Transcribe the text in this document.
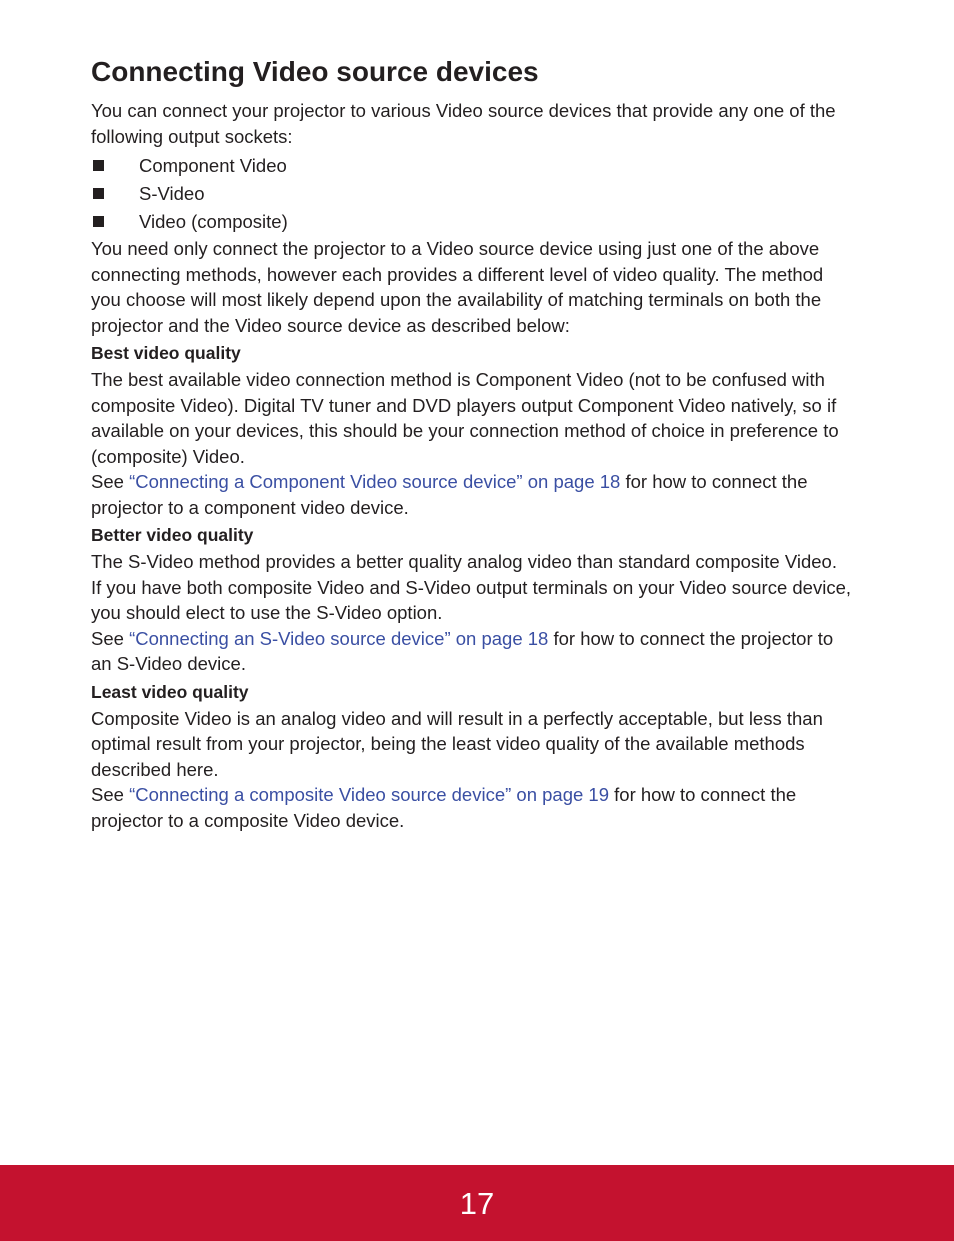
Connecting Video source devices

You can connect your projector to various Video source devices that provide any one of the following output sockets:

Component Video
S-Video
Video (composite)

You need only connect the projector to a Video source device using just one of the above connecting methods, however each provides a different level of video quality. The method you choose will most likely depend upon the availability of matching terminals on both the projector and the Video source device as described below:

Best video quality

The best available video connection method is Component Video (not to be confused with composite Video). Digital TV tuner and DVD players output Component Video natively, so if available on your devices, this should be your connection method of choice in preference to (composite) Video.

See “Connecting a Component Video source device” on page 18 for how to connect the projector to a component video device.

Better video quality

The S-Video method provides a better quality analog video than standard composite Video. If you have both composite Video and S-Video output terminals on your Video source device, you should elect to use the S-Video option.

See “Connecting an S-Video source device” on page 18 for how to connect the projector to an S-Video device.

Least video quality

Composite Video is an analog video and will result in a perfectly acceptable, but less than optimal result from your projector, being the least video quality of the available methods described here.

See “Connecting a composite Video source device” on page 19 for how to connect the projector to a composite Video device.

17
